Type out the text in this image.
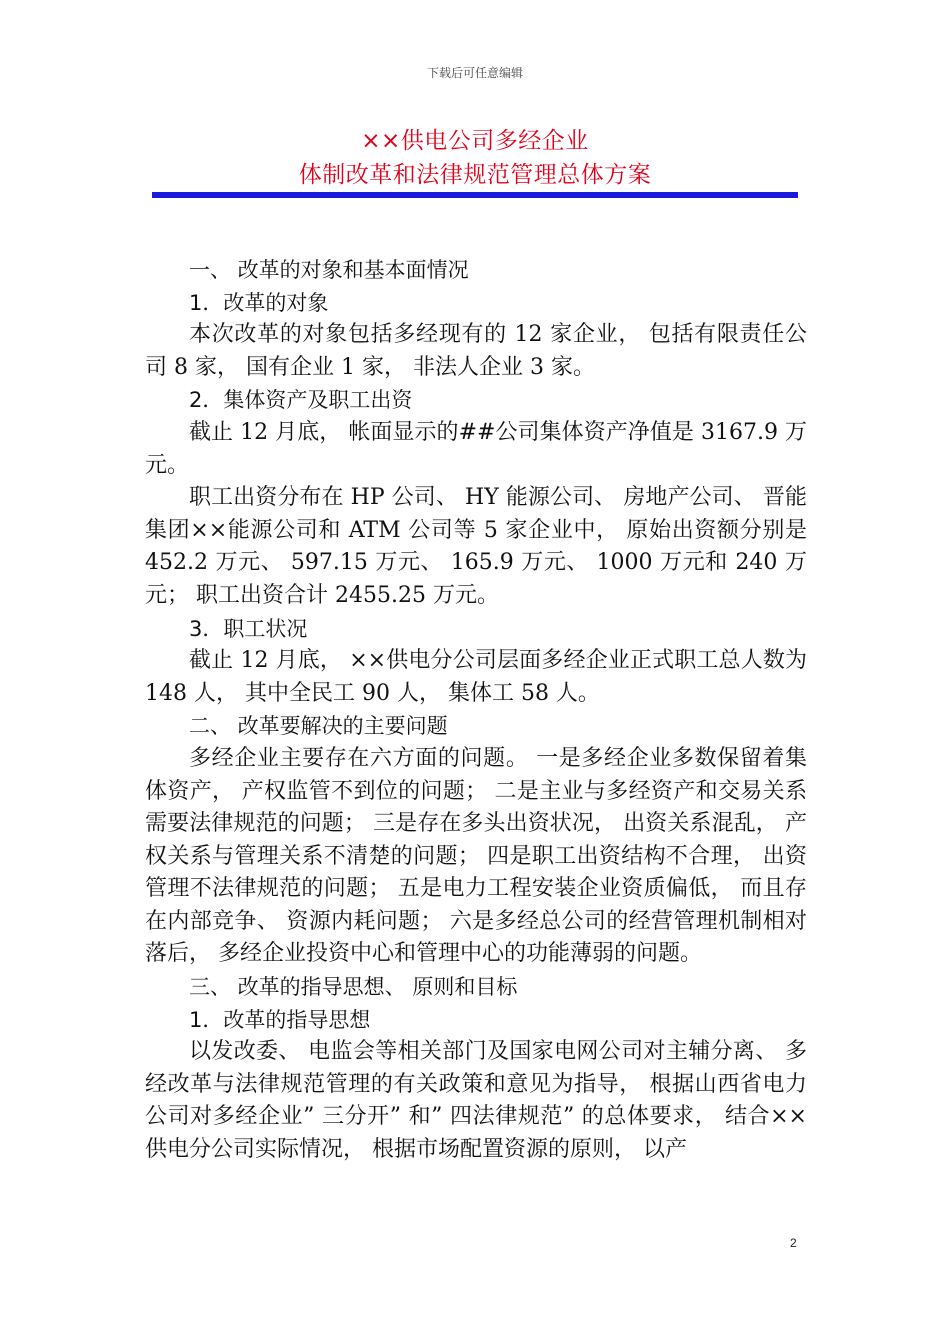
下载后可任意编辑
××供电公司多经企业
体制改革和法律规范管理总体方案

一、 改革的对象和基本面情况

1．改革的对象

本次改革的对象包括多经现有的 12 家企业， 包括有限责任公司 8 家， 国有企业 1 家， 非法人企业 3 家。

2．集体资产及职工出资

截止 12 月底， 帐面显示的##公司集体资产净值是 3167.9 万元。

职工出资分布在 HP 公司、 HY 能源公司、 房地产公司、 晋能集团××能源公司和 ATM 公司等 5 家企业中， 原始出资额分别是 452.2 万元、 597.15 万元、 165.9 万元、 1000 万元和 240 万元； 职工出资合计 2455.25 万元。

3．职工状况

截止 12 月底， ××供电分公司层面多经企业正式职工总人数为 148 人， 其中全民工 90 人， 集体工 58 人。

二、 改革要解决的主要问题

多经企业主要存在六方面的问题。 一是多经企业多数保留着集体资产， 产权监管不到位的问题； 二是主业与多经资产和交易关系需要法律规范的问题； 三是存在多头出资状况， 出资关系混乱， 产权关系与管理关系不清楚的问题； 四是职工出资结构不合理， 出资管理不法律规范的问题； 五是电力工程安装企业资质偏低， 而且存在内部竞争、 资源内耗问题； 六是多经总公司的经营管理机制相对落后， 多经企业投资中心和管理中心的功能薄弱的问题。

三、 改革的指导思想、 原则和目标

1．改革的指导思想

以发改委、 电监会等相关部门及国家电网公司对主辅分离、 多经改革与法律规范管理的有关政策和意见为指导， 根据山西省电力公司对多经企业” 三分开” 和” 四法律规范” 的总体要求， 结合××供电分公司实际情况， 根据市场配置资源的原则， 以产

2
